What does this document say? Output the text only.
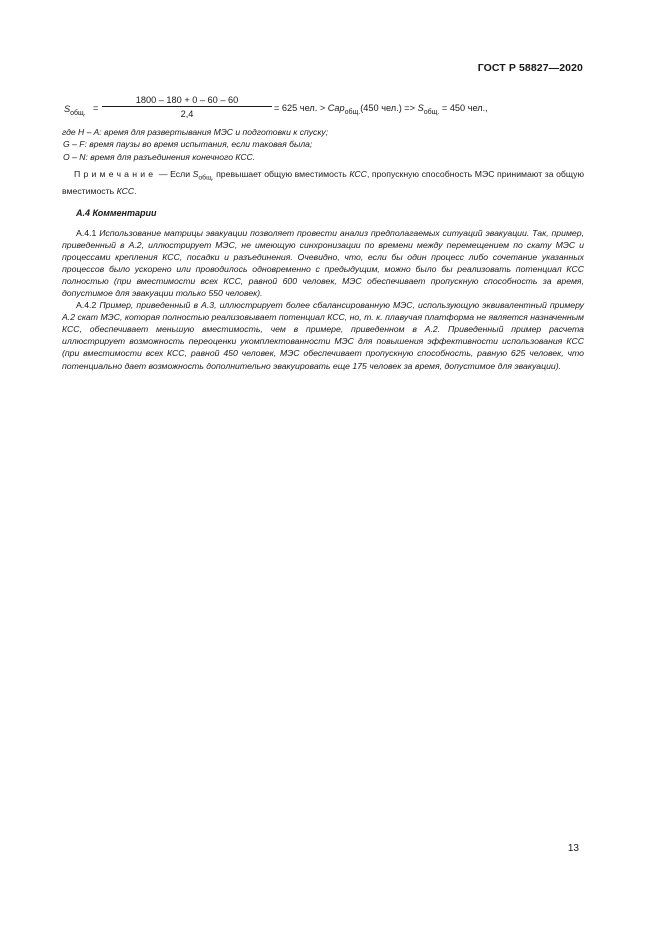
ГОСТ Р 58827—2020
$S_{общ.}$
= $\frac{1800 - 180 + 0 - 60 - 60}{2,4} = 625$ чел. > Cap$_{общ.}$(450 $чел.) => S_{общ.} = 450$ чел.,
где H – A: время для развертывания МЭС и подготовки к спуску;
G – F: время паузы во время испытания, если таковая была;
O – N: время для разъединения конечного КСС.
Примечание — Если $S_{общ.}$ превышает общую вместимость КСС, пропускную способность МЭС принимают за общую вместимость КСС.
А.4 Комментарии

А.4.1 Использование матрицы эвакуации позволяет провести анализ предполагаемых ситуаций эвакуации. Так, пример, приведенный в А.2, иллюстрирует МЭС, не имеющую синхронизации по времени между перемещением по скату МЭС и процессами крепления КСС, посадки и разъединения. Очевидно, что, если бы один процесс либо сочетание указанных процессов было ускорено или проводилось одновременно с предыдущим, можно было бы реализовать потенциал КСС полностью (при вместимости всех КСС, равной 600 человек, МЭС обеспечивает пропускную способность за время, допустимое для эвакуации только 550 человек).

А.4.2 Пример, приведенный в А.3, иллюстрирует более сбалансированную МЭС, использующую эквивалентный примеру А.2 скат МЭС, которая полностью реализовывает потенциал КСС, но, т. к. плавучая платформа не является назначенным КСС, обеспечивает меньшую вместимость, чем в примере, приведенном в А.2. Приведенный пример расчета иллюстрирует возможность переоценки укомплектованности МЭС для повышения эффективности использования КСС (при вместимости всех КСС, равной 450 человек, МЭС обеспечивает пропускную способность, равную 625 человек, что потенциально дает возможность дополнительно эвакуировать еще 175 человек за время, допустимое для эвакуации).

13
